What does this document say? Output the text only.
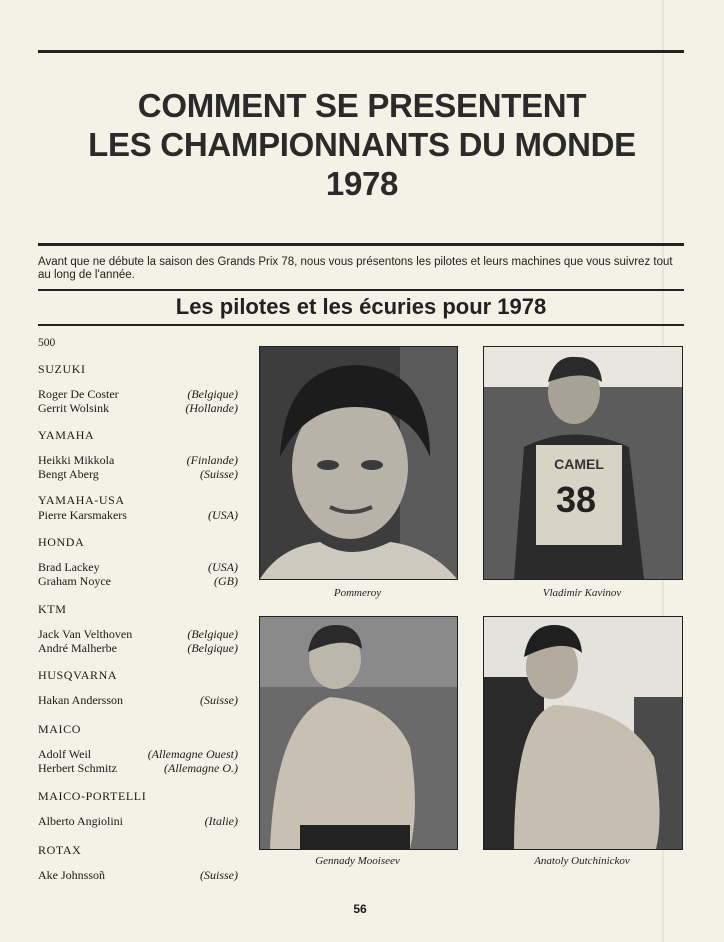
COMMENT SE PRESENTENT
LES CHAMPIONNANTS DU MONDE
1978
Avant que ne débute la saison des Grands Prix 78, nous vous présentons les pilotes et leurs machines que vous suivrez tout au long de l'année.
Les pilotes et les écuries pour 1978
500
SUZUKI
Roger De Coster	(Belgique)
Gerrit Wolsink	(Hollande)
YAMAHA
Heikki Mikkola	(Finlande)
Bengt Aberg	(Suisse)
YAMAHA-USA
Pierre Karsmakers	(USA)
HONDA
Brad Lackey	(USA)
Graham Noyce	(GB)
KTM
Jack Van Velthoven	(Belgique)
André Malherbe	(Belgique)
HUSQVARNA
Hakan Andersson	(Suisse)
MAICO
Adolf Weil	(Allemagne Ouest)
Herbert Schmitz	(Allemagne O.)
MAICO-PORTELLI
Alberto Angiolini	(Italie)
ROTAX
Ake Johnssoñ	(Suisse)
Pommeroy
CAMEL
38
Vladimir Kavinov
Gennady Mooiseev	Anatoly Outchinickov
56
